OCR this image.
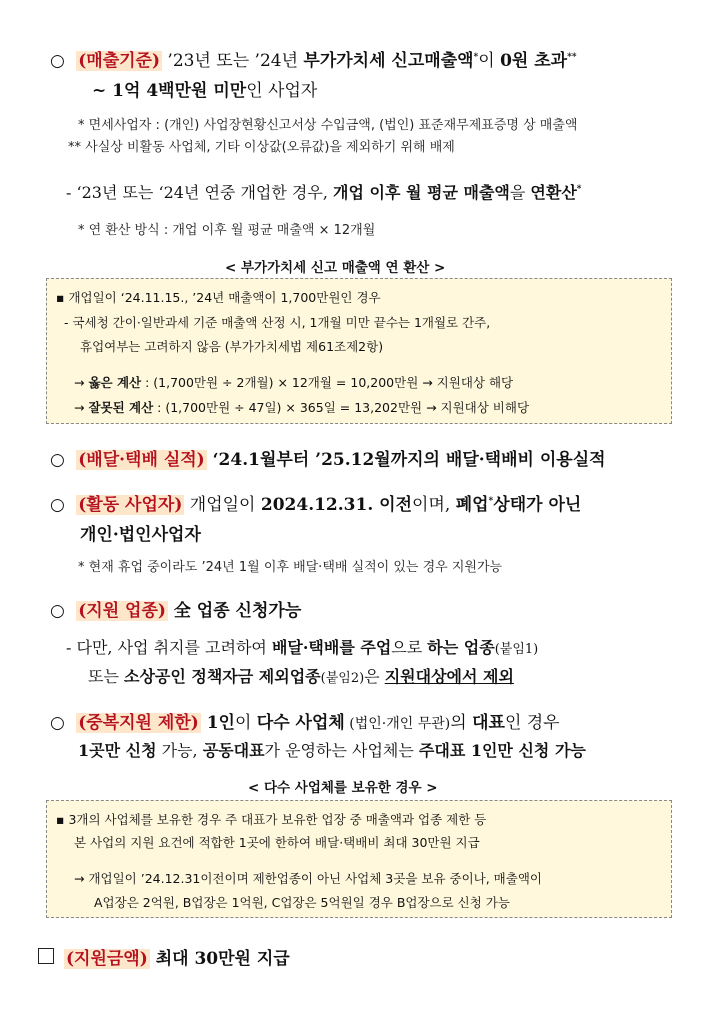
○ (매출기준) ’23년 또는 ’24년 부가가치세 신고매출액*이 0원 초과**
~ 1억 4백만원 미만인 사업자
* 면세사업자 : (개인) 사업장현황신고서상 수입금액, (법인) 표준재무제표증명 상 매출액
** 사실상 비활동 사업체, 기타 이상값(오류값)을 제외하기 위해 배제
- ‘23년 또는 ‘24년 연중 개업한 경우, 개업 이후 월 평균 매출액을 연환산*
* 연 환산 방식 : 개업 이후 월 평균 매출액 × 12개월
< 부가가치세 신고 매출액 연 환산 >
▪ 개업일이 ‘24.11.15., ’24년 매출액이 1,700만원인 경우
- 국세청 간이·일반과세 기준 매출액 산정 시, 1개월 미만 끝수는 1개월로 간주,
휴업여부는 고려하지 않음 (부가가치세법 제61조제2항)
→ 옳은 계산 : (1,700만원 ÷ 2개월) × 12개월 = 10,200만원 → 지원대상 해당
→ 잘못된 계산 : (1,700만원 ÷ 47일) × 365일 = 13,202만원 → 지원대상 비해당
○ (배달·택배 실적) ‘24.1월부터 ’25.12월까지의 배달·택배비 이용실적
○ (활동 사업자) 개업일이 2024.12.31. 이전이며, 폐업*상태가 아닌
개인·법인사업자
* 현재 휴업 중이라도 ’24년 1월 이후 배달·택배 실적이 있는 경우 지원가능
○ (지원 업종) 全 업종 신청가능
- 다만, 사업 취지를 고려하여 배달·택배를 주업으로 하는 업종(붙임1)
또는 소상공인 정책자금 제외업종(붙임2)은 지원대상에서 제외
○ (중복지원 제한) 1인이 다수 사업체 (법인·개인 무관)의 대표인 경우
1곳만 신청 가능, 공동대표가 운영하는 사업체는 주대표 1인만 신청 가능
< 다수 사업체를 보유한 경우 >
▪ 3개의 사업체를 보유한 경우 주 대표가 보유한 업장 중 매출액과 업종 제한 등
본 사업의 지원 요건에 적합한 1곳에 한하여 배달·택배비 최대 30만원 지급
→ 개업일이 ’24.12.31이전이며 제한업종이 아닌 사업체 3곳을 보유 중이나, 매출액이
A업장은 2억원, B업장은 1억원, C업장은 5억원일 경우 B업장으로 신청 가능
(지원금액) 최대 30만원 지급
